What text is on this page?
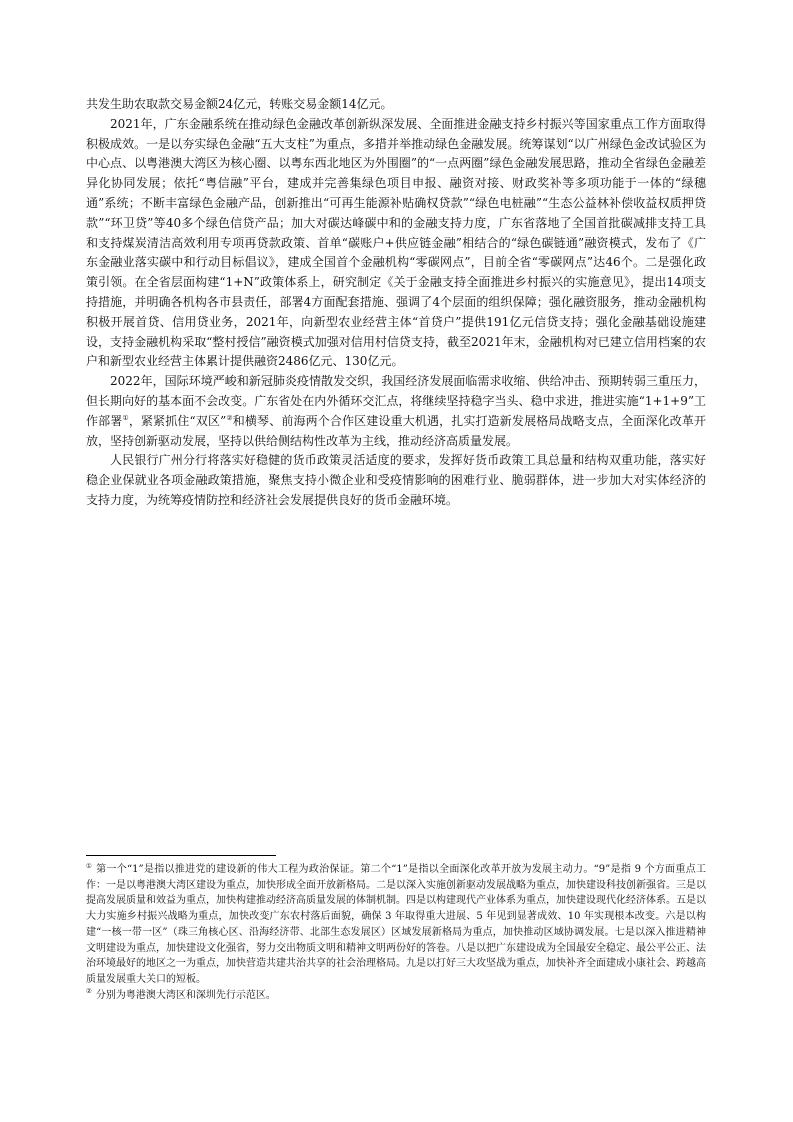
共发生助农取款交易金额24亿元，转账交易金额14亿元。

2021年，广东金融系统在推动绿色金融改革创新纵深发展、全面推进金融支持乡村振兴等国家重点工作方面取得积极成效。一是以夯实绿色金融“五大支柱”为重点，多措并举推动绿色金融发展。统筹谋划“以广州绿色金改试验区为中心点、以粤港澳大湾区为核心圈、以粤东西北地区为外围圈”的“一点两圈”绿色金融发展思路，推动全省绿色金融差异化协同发展；依托“粤信融”平台，建成并完善集绿色项目申报、融资对接、财政奖补等多项功能于一体的“绿穗通”系统；不断丰富绿色金融产品，创新推出“可再生能源补贴确权贷款”“绿色电桩融”“生态公益林补偿收益权质押贷款”“环卫贷”等40多个绿色信贷产品；加大对碳达峰碳中和的金融支持力度，广东省落地了全国首批碳减排支持工具和支持煤炭清洁高效利用专项再贷款政策、首单“碳账户+供应链金融”相结合的“绿色碳链通”融资模式，发布了《广东金融业落实碳中和行动目标倡议》，建成全国首个金融机构“零碳网点”，目前全省“零碳网点”达46个。二是强化政策引领。在全省层面构建“1+N”政策体系上，研究制定《关于金融支持全面推进乡村振兴的实施意见》，提出14项支持措施，并明确各机构各市县责任，部署4方面配套措施、强调了4个层面的组织保障；强化融资服务，推动金融机构积极开展首贷、信用贷业务，2021年，向新型农业经营主体“首贷户”提供191亿元信贷支持；强化金融基础设施建设，支持金融机构采取“整村授信”融资模式加强对信用村信贷支持，截至2021年末，金融机构对已建立信用档案的农户和新型农业经营主体累计提供融资2486亿元、130亿元。

2022年，国际环境严峻和新冠肺炎疫情散发交织，我国经济发展面临需求收缩、供给冲击、预期转弱三重压力，但长期向好的基本面不会改变。广东省处在内外循环交汇点，将继续坚持稳字当头、稳中求进，推进实施“1+1+9”工作部署①，紧紧抓住“双区”②和横琴、前海两个合作区建设重大机遇，扎实打造新发展格局战略支点，全面深化改革开放，坚持创新驱动发展，坚持以供给侧结构性改革为主线，推动经济高质量发展。

人民银行广州分行将落实好稳健的货币政策灵活适度的要求，发挥好货币政策工具总量和结构双重功能，落实好稳企业保就业各项金融政策措施，聚焦支持小微企业和受疫情影响的困难行业、脆弱群体，进一步加大对实体经济的支持力度，为统筹疫情防控和经济社会发展提供良好的货币金融环境。

① 第一个“1”是指以推进党的建设新的伟大工程为政治保证。第二个“1”是指以全面深化改革开放为发展主动力。“9”是指 9 个方面重点工作：一是以粤港澳大湾区建设为重点，加快形成全面开放新格局。二是以深入实施创新驱动发展战略为重点，加快建设科技创新强省。三是以提高发展质量和效益为重点，加快构建推动经济高质量发展的体制机制。四是以构建现代产业体系为重点，加快建设现代化经济体系。五是以大力实施乡村振兴战略为重点，加快改变广东农村落后面貌，确保 3 年取得重大进展、5 年见到显著成效、10 年实现根本改变。六是以构建“一核一带一区”（珠三角核心区、沿海经济带、北部生态发展区）区域发展新格局为重点，加快推动区域协调发展。七是以深入推进精神文明建设为重点，加快建设文化强省，努力交出物质文明和精神文明两份好的答卷。八是以把广东建设成为全国最安全稳定、最公平公正、法治环境最好的地区之一为重点，加快营造共建共治共享的社会治理格局。九是以打好三大攻坚战为重点，加快补齐全面建成小康社会、跨越高质量发展重大关口的短板。

② 分别为粤港澳大湾区和深圳先行示范区。
